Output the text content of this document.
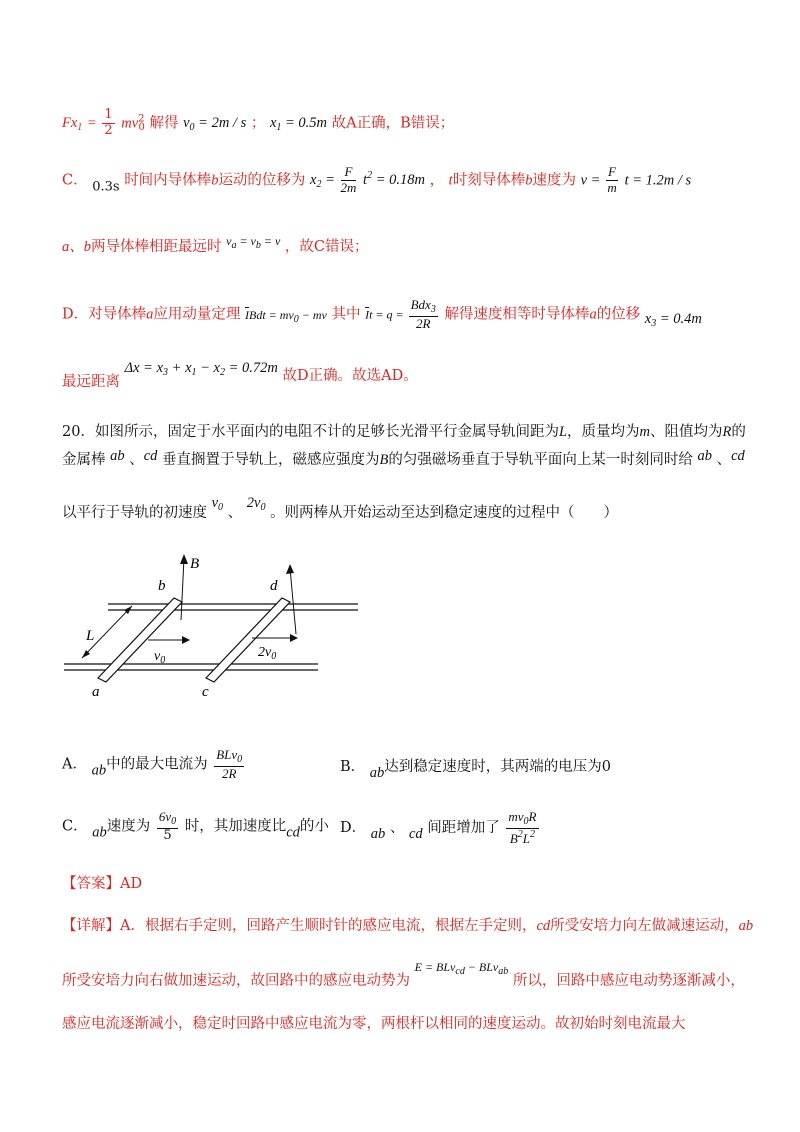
$Fx_1 = \frac{1}{2} mv^2_0$ 解得 $v_0 = 2m / s$ ； $x_1 = 0.5m$ 故A正确，B错误；
C． 0.3s 时间内导体棒b运动的位移为 $x_2 = \frac{F}{2m} t^2 = 0.18m$ ， t时刻导体棒b速度为 $v = \frac{F}{m}$ t = 1.2m / s
a、b两导体棒相距最远时 $^{v_a = v_b = v}$ ，故C错误；
D．对导体棒a应用动量定理 $\overline{I}Bdt = mv_0$ − mv 其中 $\overline{I}t = q = \frac{Bdx_3}{2R}$ 解得速度相等时导体棒a的位移 $x_3 = 0.4m$
最远距离 $\Delta x = x_3 + x_1 - x_2 = 0.72m$ 故D正确。故选AD。
20．如图所示，固定于水平面内的电阻不计的足够长光滑平行金属导轨间距为L，质量均为m、阻值均为R的
金属棒 ab 、cd 垂直搁置于导轨上，磁感应强度为B的匀强磁场垂直于导轨平面向上某一时刻同时给 ab 、cd
以平行于导轨的初速度 $v_0$ 、 $2v_0$ 。则两棒从开始运动至达到稳定速度的过程中（　　）
L
B
$v_0$
$2v_0$
b	d
a	c
A． ab中的最大电流为 $\frac{BLv_0}{2R}$	B． ab达到稳定速度时，其两端的电压为0
C． ab速度为 $\frac{6v_0}{5}$ 时，其加速度比cd的小 D． ab 、 cd 间距增加了 $\frac{mv_0R}{B^2L^2}$
【答案】AD
【详解】A．根据右手定则，回路产生顺时针的感应电流，根据左手定则，cd所受安培力向左做减速运动，ab
所受安培力向右做加速运动，故回路中的感应电动势为 $^{E = BLv_{cd} - BLv_{ab}}$ 所以，回路中感应电动势逐渐减小，
感应电流逐渐减小，稳定时回路中感应电流为零，两根杆以相同的速度运动。故初始时刻电流最大
